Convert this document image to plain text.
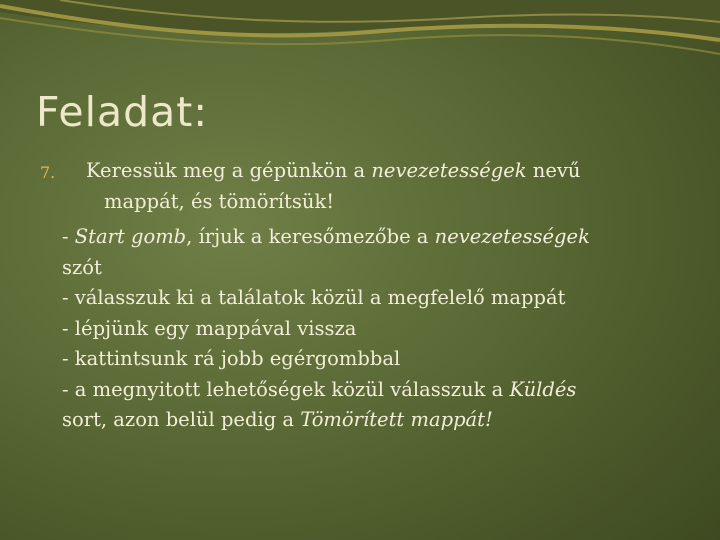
Feladat:
7. Keressük meg a gépünkön a nevezetességek nevű
mappát, és tömörítsük!

- Start gomb, írjuk a keresőmezőbe a nevezetességek

szót

- válasszuk ki a találatok közül a megfelelő mappát

- lépjünk egy mappával vissza

- kattintsunk rá jobb egérgombbal

- a megnyitott lehetőségek közül válasszuk a Küldés

sort, azon belül pedig a Tömörített mappát!
